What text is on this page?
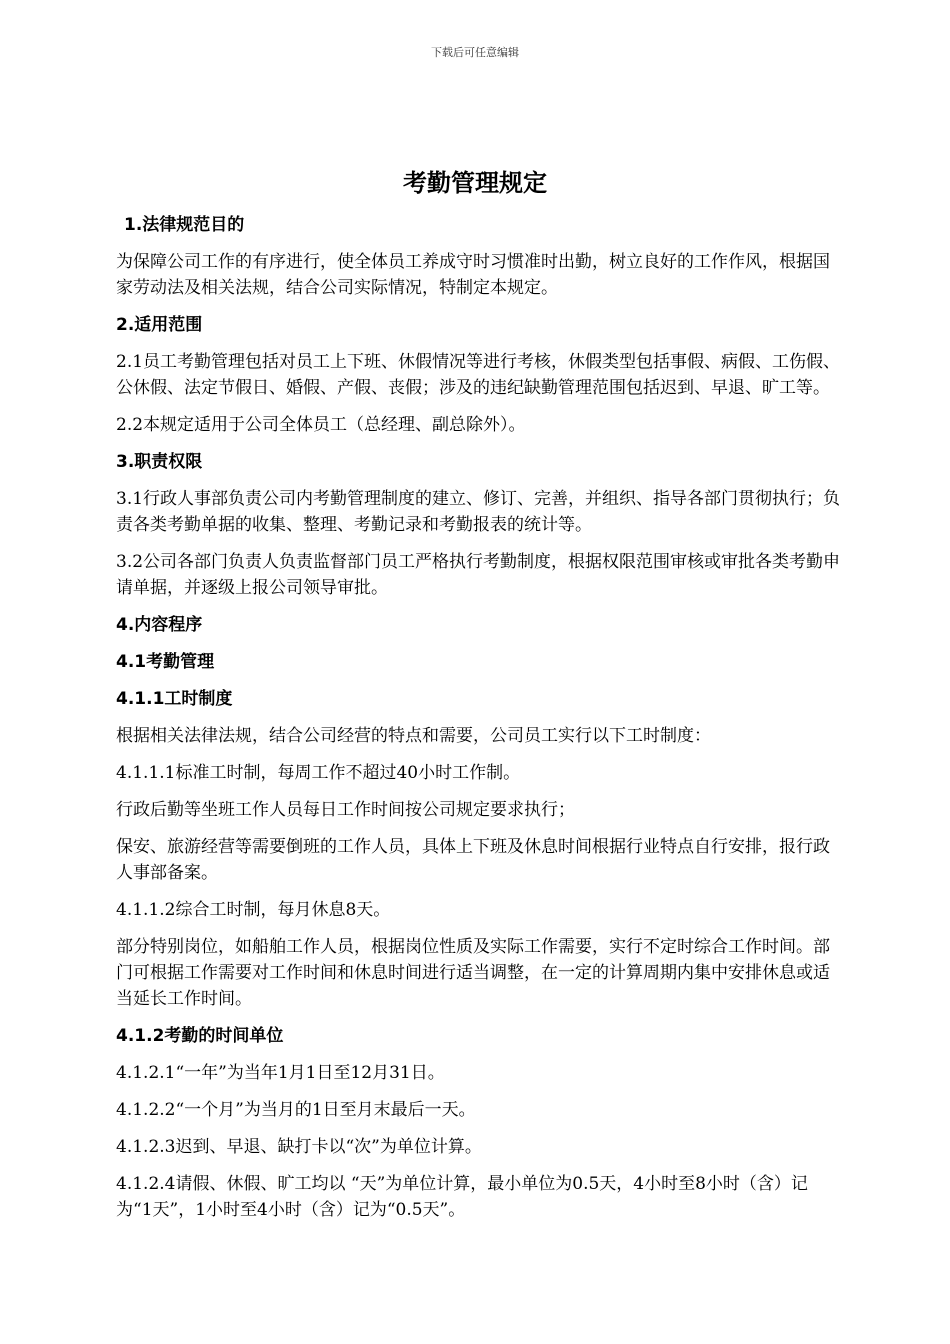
下载后可任意编辑
考勤管理规定
1.法律规范目的
为保障公司工作的有序进行，使全体员工养成守时习惯准时出勤，树立良好的工作作风，根据国家劳动法及相关法规，结合公司实际情况，特制定本规定。
2.适用范围
2.1员工考勤管理包括对员工上下班、休假情况等进行考核，休假类型包括事假、病假、工伤假、公休假、法定节假日、婚假、产假、丧假；涉及的违纪缺勤管理范围包括迟到、早退、旷工等。
2.2本规定适用于公司全体员工（总经理、副总除外）。
3.职责权限
3.1行政人事部负责公司内考勤管理制度的建立、修订、完善，并组织、指导各部门贯彻执行；负责各类考勤单据的收集、整理、考勤记录和考勤报表的统计等。
3.2公司各部门负责人负责监督部门员工严格执行考勤制度，根据权限范围审核或审批各类考勤申请单据，并逐级上报公司领导审批。
4.内容程序
4.1考勤管理
4.1.1工时制度
根据相关法律法规，结合公司经营的特点和需要，公司员工实行以下工时制度：
4.1.1.1标准工时制，每周工作不超过40小时工作制。
行政后勤等坐班工作人员每日工作时间按公司规定要求执行；
保安、旅游经营等需要倒班的工作人员，具体上下班及休息时间根据行业特点自行安排，报行政人事部备案。
4.1.1.2综合工时制，每月休息8天。
部分特别岗位，如船舶工作人员，根据岗位性质及实际工作需要，实行不定时综合工作时间。部门可根据工作需要对工作时间和休息时间进行适当调整，在一定的计算周期内集中安排休息或适当延长工作时间。
4.1.2考勤的时间单位
4.1.2.1“一年”为当年1月1日至12月31日。
4.1.2.2“一个月”为当月的1日至月末最后一天。
4.1.2.3迟到、早退、缺打卡以“次”为单位计算。
4.1.2.4请假、休假、旷工均以 “天”为单位计算，最小单位为0.5天，4小时至8小时（含）记为“1天”，1小时至4小时（含）记为“0.5天”。
